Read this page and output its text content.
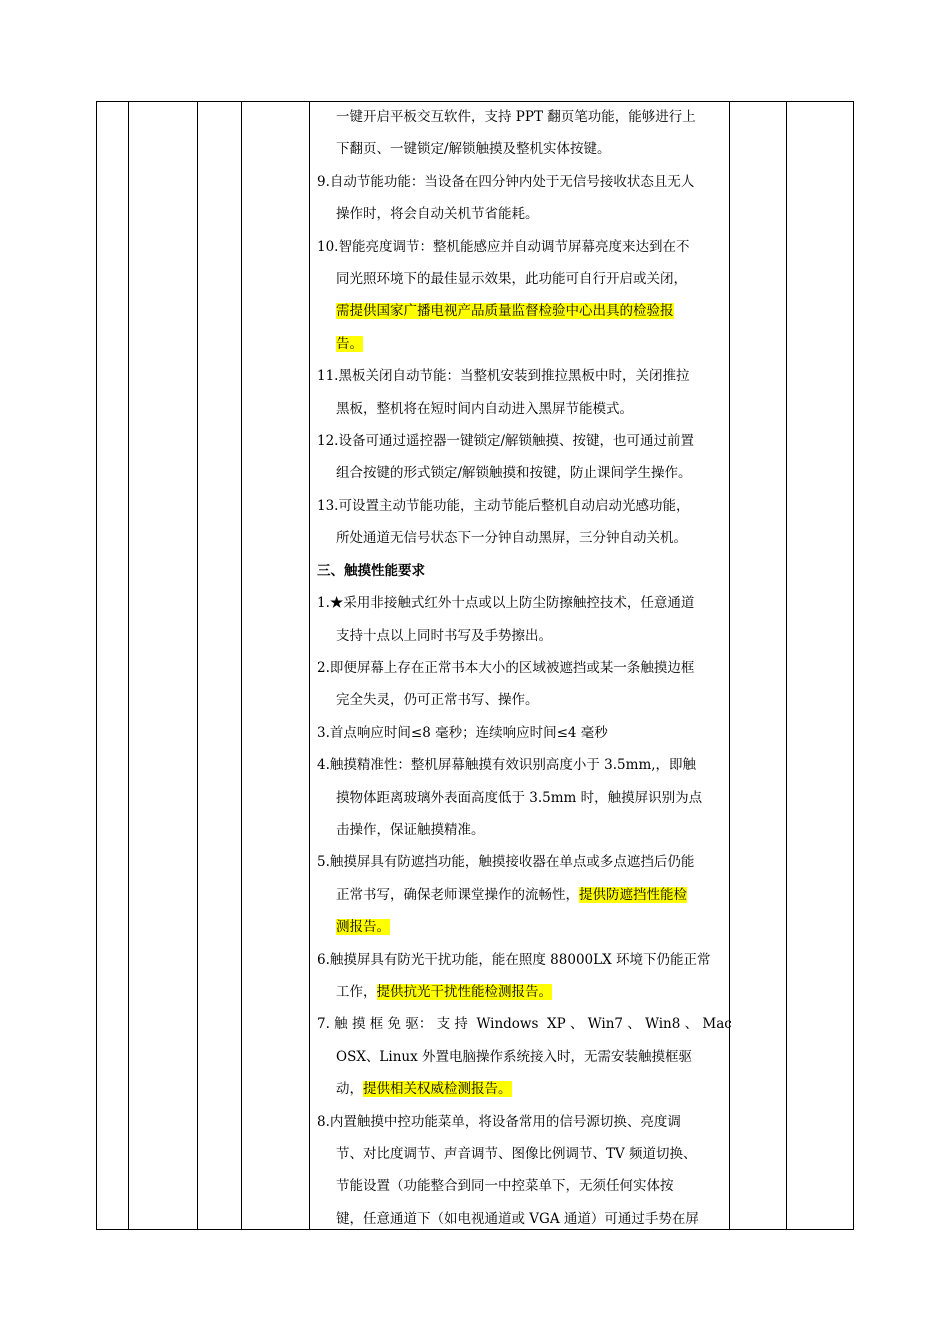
一键开启平板交互软件，支持 PPT 翻页笔功能，能够进行上
下翻页、一键锁定/解锁触摸及整机实体按键。
9.自动节能功能：当设备在四分钟内处于无信号接收状态且无人
操作时，将会自动关机节省能耗。
10.智能亮度调节：整机能感应并自动调节屏幕亮度来达到在不
同光照环境下的最佳显示效果，此功能可自行开启或关闭，
需提供国家广播电视产品质量监督检验中心出具的检验报
告。
11.黑板关闭自动节能：当整机安装到推拉黑板中时，关闭推拉
黑板，整机将在短时间内自动进入黑屏节能模式。
12.设备可通过遥控器一键锁定/解锁触摸、按键，也可通过前置
组合按键的形式锁定/解锁触摸和按键，防止课间学生操作。
13.可设置主动节能功能，主动节能后整机自动启动光感功能，
所处通道无信号状态下一分钟自动黑屏，三分钟自动关机。
三、触摸性能要求
1.★采用非接触式红外十点或以上防尘防擦触控技术，任意通道
支持十点以上同时书写及手势擦出。
2.即便屏幕上存在正常书本大小的区域被遮挡或某一条触摸边框
完全失灵，仍可正常书写、操作。
3.首点响应时间≤8 毫秒；连续响应时间≤4 毫秒
4.触摸精准性：整机屏幕触摸有效识别高度小于 3.5mm,，即触
摸物体距离玻璃外表面高度低于 3.5mm 时，触摸屏识别为点
击操作，保证触摸精准。
5.触摸屏具有防遮挡功能，触摸接收器在单点或多点遮挡后仍能
正常书写，确保老师课堂操作的流畅性，提供防遮挡性能检
测报告。
6.触摸屏具有防光干扰功能，能在照度 88000LX 环境下仍能正常
工作，提供抗光干扰性能检测报告。
7. 触 摸 框 免 驱： 支 持  Windows  XP 、 Win7 、 Win8 、 Mac
OSX、Linux 外置电脑操作系统接入时，无需安装触摸框驱
动，提供相关权威检测报告。
8.内置触摸中控功能菜单，将设备常用的信号源切换、亮度调
节、对比度调节、声音调节、图像比例调节、TV 频道切换、
节能设置（功能整合到同一中控菜单下，无须任何实体按
键，任意通道下（如电视通道或 VGA 通道）可通过手势在屏
